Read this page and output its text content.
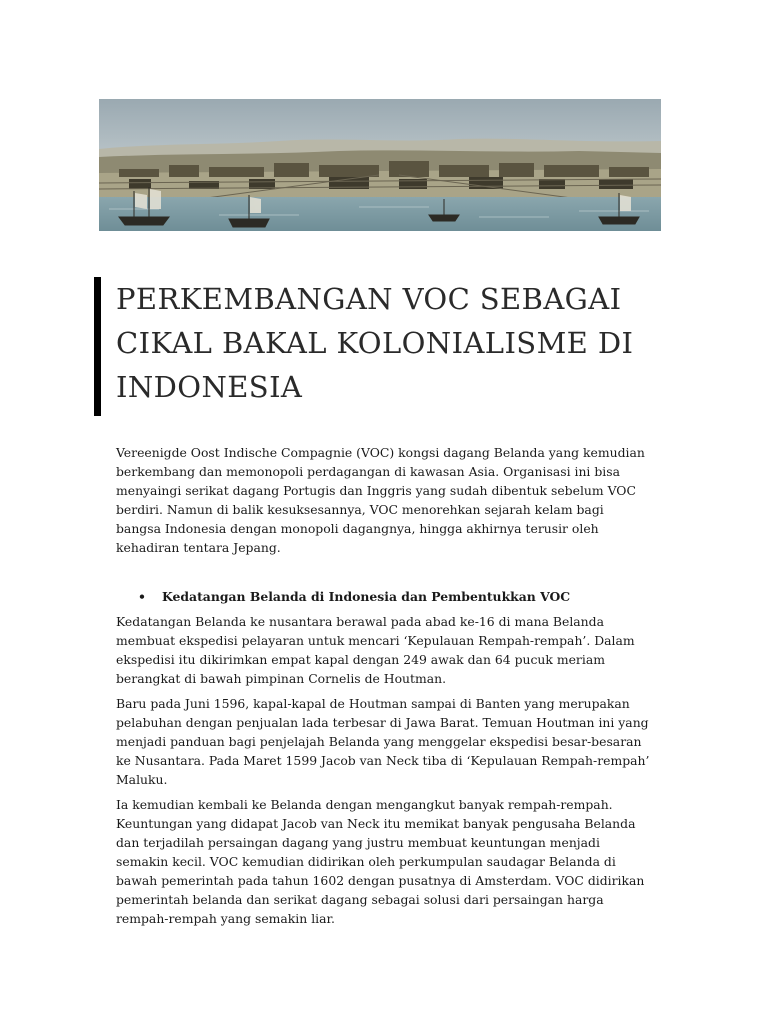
PERKEMBANGAN VOC SEBAGAI
CIKAL BAKAL KOLONIALISME DI
INDONESIA

Vereenigde Oost Indische Compagnie (VOC) kongsi dagang Belanda yang kemudian berkembang dan memonopoli perdagangan di kawasan Asia. Organisasi ini bisa menyaingi serikat dagang Portugis dan Inggris yang sudah dibentuk sebelum VOC berdiri. Namun di balik kesuksesannya, VOC menorehkan sejarah kelam bagi bangsa Indonesia dengan monopoli dagangnya, hingga akhirnya terusir oleh kehadiran tentara Jepang.

• Kedatangan Belanda di Indonesia dan Pembentukkan VOC

Kedatangan Belanda ke nusantara berawal pada abad ke-16 di mana Belanda membuat ekspedisi pelayaran untuk mencari ‘Kepulauan Rempah-rempah’. Dalam ekspedisi itu dikirimkan empat kapal dengan 249 awak dan 64 pucuk meriam berangkat di bawah pimpinan Cornelis de Houtman.

Baru pada Juni 1596, kapal-kapal de Houtman sampai di Banten yang merupakan pelabuhan dengan penjualan lada terbesar di Jawa Barat. Temuan Houtman ini yang menjadi panduan bagi penjelajah Belanda yang menggelar ekspedisi besar-besaran ke Nusantara. Pada Maret 1599 Jacob van Neck tiba di ‘Kepulauan Rempah-rempah’ Maluku.

Ia kemudian kembali ke Belanda dengan mengangkut banyak rempah-rempah. Keuntungan yang didapat Jacob van Neck itu memikat banyak pengusaha Belanda dan terjadilah persaingan dagang yang justru membuat keuntungan menjadi semakin kecil. VOC kemudian didirikan oleh perkumpulan saudagar Belanda di bawah pemerintah pada tahun 1602 dengan pusatnya di Amsterdam. VOC didirikan pemerintah belanda dan serikat dagang sebagai solusi dari persaingan harga rempah-rempah yang semakin liar.
